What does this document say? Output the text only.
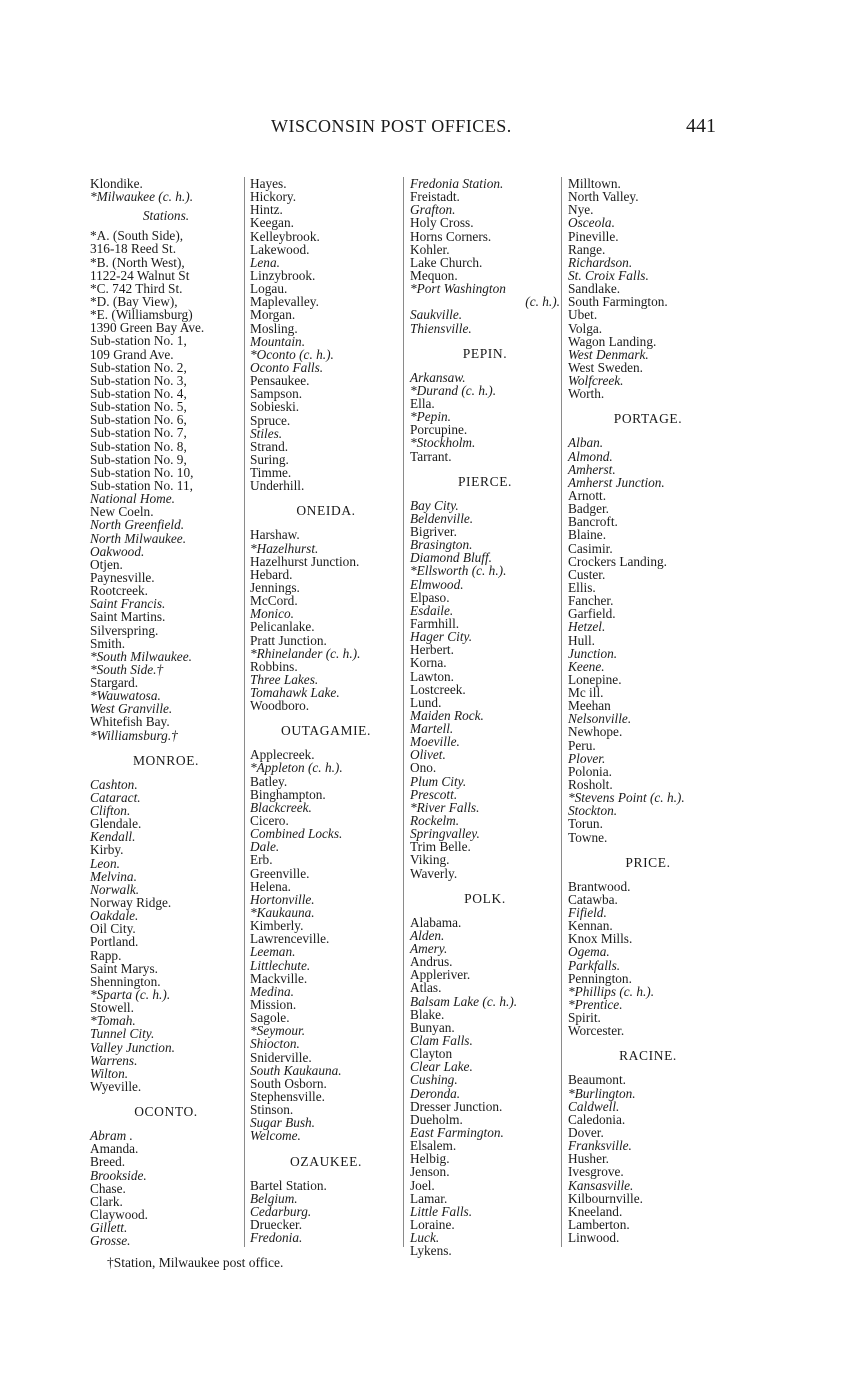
WISCONSIN POST OFFICES.	441
Klondike.
*Milwaukee (c. h.).
Stations.
*A. (South Side),
316-18 Reed St.
*B. (North West),
1122-24 Walnut St
*C. 742 Third St.
*D. (Bay View),
*E. (Williamsburg)
1390 Green Bay Ave.
Sub-station No. 1,
109 Grand Ave.
Sub-station No. 2,
Sub-station No. 3,
Sub-station No. 4,
Sub-station No. 5,
Sub-station No. 6,
Sub-station No. 7,
Sub-station No. 8,
Sub-station No. 9,
Sub-station No. 10,
Sub-station No. 11,
National Home.
New Coeln.
North Greenfield.
North Milwaukee.
Oakwood.
Otjen.
Paynesville.
Rootcreek.
Saint Francis.
Saint Martins.
Silverspring.
Smith.
*South Milwaukee.
*South Side.†
Stargard.
*Wauwatosa.
West Granville.
Whitefish Bay.
*Williamsburg.†
MONROE.
Cashton.
Cataract.
Clifton.
Glendale.
Kendall.
Kirby.
Leon.
Melvina.
Norwalk.
Norway Ridge.
Oakdale.
Oil City.
Portland.
Rapp.
Saint Marys.
Shennington.
*Sparta (c. h.).
Stowell.
*Tomah.
Tunnel City.
Valley Junction.
Warrens.
Wilton.
Wyeville.
OCONTO.
Abram .
Amanda.
Breed.
Brookside.
Chase.
Clark.
Claywood.
Gillett.
Grosse.
Hayes.
Hickory.
Hintz.
Keegan.
Kelleybrook.
Lakewood.
Lena.
Linzybrook.
Logau.
Maplevalley.
Morgan.
Mosling.
Mountain.
*Oconto (c. h.).
Oconto Falls.
Pensaukee.
Sampson.
Sobieski.
Spruce.
Stiles.
Strand.
Suring.
Timme.
Underhill.
ONEIDA.
Harshaw.
*Hazelhurst.
Hazelhurst Junction.
Hebard.
Jennings.
McCord.
Monico.
Pelicanlake.
Pratt Junction.
*Rhinelander (c. h.).
Robbins.
Three Lakes.
Tomahawk Lake.
Woodboro.
OUTAGAMIE.
Applecreek.
*Appleton (c. h.).
Batley.
Binghampton.
Blackcreek.
Cicero.
Combined Locks.
Dale.
Erb.
Greenville.
Helena.
Hortonville.
*Kaukauna.
Kimberly.
Lawrenceville.
Leeman.
Littlechute.
Mackville.
Medina.
Mission.
Sagole.
*Seymour.
Shiocton.
Sniderville.
South Kaukauna.
South Osborn.
Stephensville.
Stinson.
Sugar Bush.
Welcome.
OZAUKEE.
Bartel Station.
Belgium.
Cedarburg.
Druecker.
Fredonia.
Fredonia Station.
Freistadt.
Grafton.
Holy Cross.
Horns Corners.
Kohler.
Lake Church.
Mequon.
*Port Washington
(c. h.).
Saukville.
Thiensville.
PEPIN.
Arkansaw.
*Durand (c. h.).
Ella.
*Pepin.
Porcupine.
*Stockholm.
Tarrant.
PIERCE.
Bay City.
Beldenville.
Bigriver.
Brasington.
Diamond Bluff.
*Ellsworth (c. h.).
Elmwood.
Elpaso.
Esdaile.
Farmhill.
Hager City.
Herbert.
Korna.
Lawton.
Lostcreek.
Lund.
Maiden Rock.
Martell.
Moeville.
Olivet.
Ono.
Plum City.
Prescott.
*River Falls.
Rockelm.
Springvalley.
Trim Belle.
Viking.
Waverly.
POLK.
Alabama.
Alden.
Amery.
Andrus.
Appleriver.
Atlas.
Balsam Lake (c. h.).
Blake.
Bunyan.
Clam Falls.
Clayton
Clear Lake.
Cushing.
Deronda.
Dresser Junction.
Dueholm.
East Farmington.
Elsalem.
Helbig.
Jenson.
Joel.
Lamar.
Little Falls.
Loraine.
Luck.
Lykens.
Milltown.
North Valley.
Nye.
Osceola.
Pineville.
Range.
Richardson.
St. Croix Falls.
Sandlake.
South Farmington.
Ubet.
Volga.
Wagon Landing.
West Denmark.
West Sweden.
Wolfcreek.
Worth.
PORTAGE.
Alban.
Almond.
Amherst.
Amherst Junction.
Arnott.
Badger.
Bancroft.
Blaine.
Casimir.
Crockers Landing.
Custer.
Ellis.
Fancher.
Garfield.
Hetzel.
Hull.
Junction.
Keene.
Lonepine.
Mc ill.
Meehan
Nelsonville.
Newhope.
Peru.
Plover.
Polonia.
Rosholt.
*Stevens Point (c. h.).
Stockton.
Torun.
Towne.
PRICE.
Brantwood.
Catawba.
Fifield.
Kennan.
Knox Mills.
Ogema.
Parkfalls.
Pennington.
*Phillips (c. h.).
*Prentice.
Spirit.
Worcester.
RACINE.
Beaumont.
*Burlington.
Caldwell.
Caledonia.
Dover.
Franksville.
Husher.
Ivesgrove.
Kansasville.
Kilbournville.
Kneeland.
Lamberton.
Linwood.
†Station, Milwaukee post office.
